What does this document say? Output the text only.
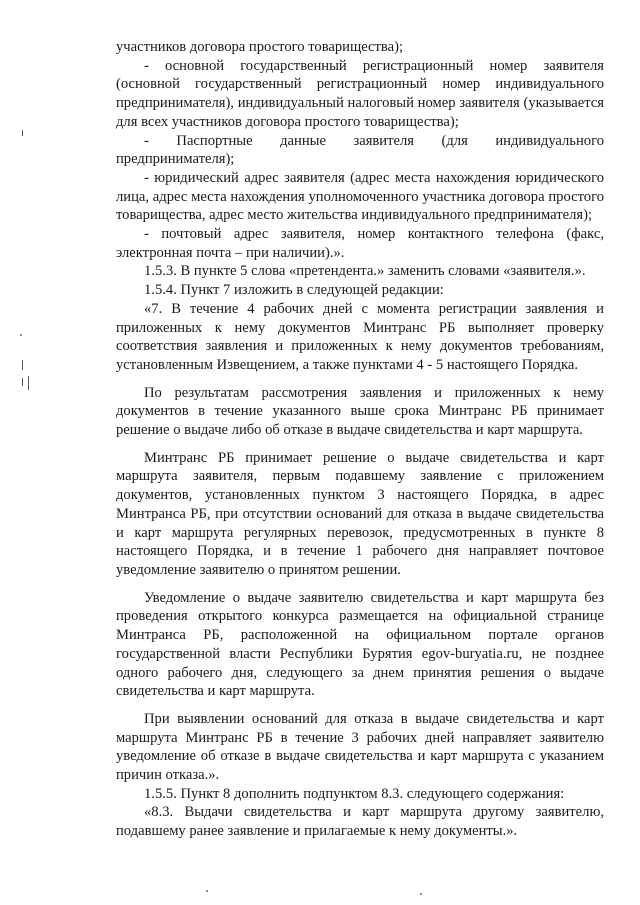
участников договора простого товарищества);

- основной государственный регистрационный номер заявителя (основной государственный регистрационный номер индивидуального предпринимателя), индивидуальный налоговый номер заявителя (указывается для всех участников договора простого товарищества);

- Паспортные данные заявителя (для индивидуального предпринимателя);

- юридический адрес заявителя (адрес места нахождения юридического лица, адрес места нахождения уполномоченного участника договора простого товарищества, адрес место жительства индивидуального предпринимателя);

- почтовый адрес заявителя, номер контактного телефона (факс, электронная почта – при наличии).».

1.5.3. В пункте 5 слова «претендента.» заменить словами «заявителя.».

1.5.4. Пункт 7 изложить в следующей редакции:

«7. В течение 4 рабочих дней с момента регистрации заявления и приложенных к нему документов Минтранс РБ выполняет проверку соответствия заявления и приложенных к нему документов требованиям, установленным Извещением, а также пунктами 4 - 5 настоящего Порядка.

По результатам рассмотрения заявления и приложенных к нему документов в течение указанного выше срока Минтранс РБ принимает решение о выдаче либо об отказе в выдаче свидетельства и карт маршрута.

Минтранс РБ принимает решение о выдаче свидетельства и карт маршрута заявителя, первым подавшему заявление с приложением документов, установленных пунктом 3 настоящего Порядка, в адрес Минтранса РБ, при отсутствии оснований для отказа в выдаче свидетельства и карт маршрута регулярных перевозок, предусмотренных в пункте 8 настоящего Порядка, и в течение 1 рабочего дня направляет почтовое уведомление заявителю о принятом решении.

Уведомление о выдаче заявителю свидетельства и карт маршрута без проведения открытого конкурса размещается на официальной странице Минтранса РБ, расположенной на официальном портале органов государственной власти Республики Бурятия egov-buryatia.ru, не позднее одного рабочего дня, следующего за днем принятия решения о выдаче свидетельства и карт маршрута.

При выявлении оснований для отказа в выдаче свидетельства и карт маршрута Минтранс РБ в течение 3 рабочих дней направляет заявителю уведомление об отказе в выдаче свидетельства и карт маршрута с указанием причин отказа.».

1.5.5. Пункт 8 дополнить подпунктом 8.3. следующего содержания:

«8.3. Выдачи свидетельства и карт маршрута другому заявителю, подавшему ранее заявление и прилагаемые к нему документы.».
